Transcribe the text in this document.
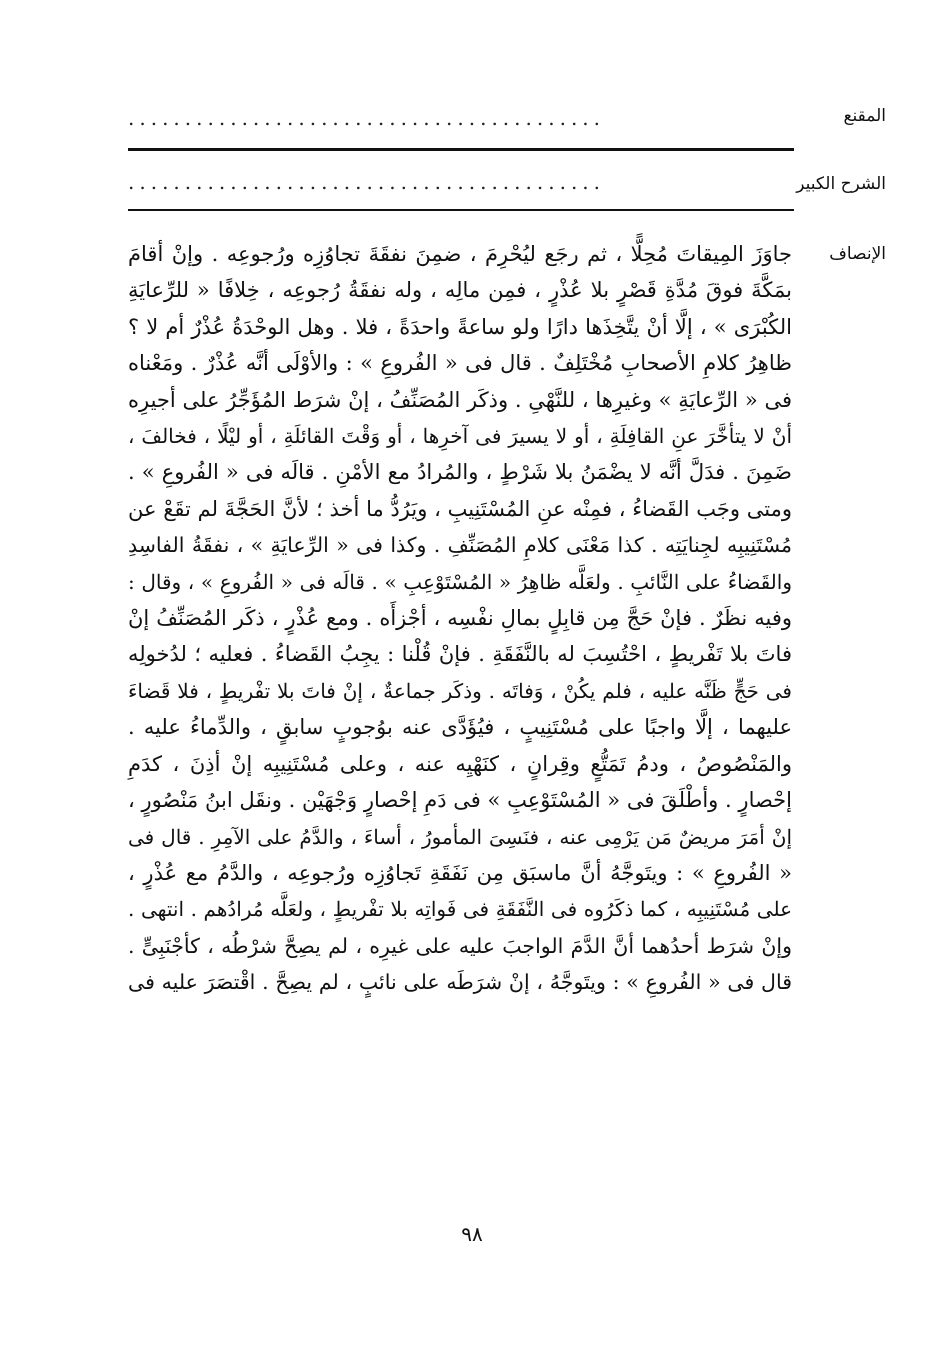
المقنع
..........................................
الشرح الكبير
..........................................
الإنصاف
جاوَزَ المِيقاتَ مُحِلًّا ، ثم رجَع ليُحْرِمَ ، ضمِنَ نفقَةَ تجاوُزِه ورُجوعِه . وإنْ أقامَ
بمَكَّةَ فوقَ مُدَّةِ قَصْرٍ بلا عُذْرٍ ، فمِن مالِه ، وله نفقَةُ رُجوعِه ، خِلافًا « للرِّعايَةِ
الكُبْرَى » ، إلَّا أنْ يتَّخِذَها دارًا ولو ساعةً واحدَةً ، فلا . وهل الوحْدَةُ عُذْرٌ أم لا ؟
ظاهِرُ كلامِ الأصحابِ مُخْتَلِفٌ . قال فى « الفُروعِ » : والأوْلَى أنَّه عُذْرٌ . ومَعْناه
فى « الرِّعايَةِ » وغيرِها ، للنَّهْىِ . وذكَر المُصَنِّفُ ، إنْ شرَط المُؤَجِّرُ على أجيرِه
أنْ لا يتأخَّرَ عنِ القافِلَةِ ، أو لا يسيرَ فى آخرِها ، أو وَقْتَ القائلَةِ ، أو ليْلًا ، فخالفَ ،
ضَمِنَ . فدَلَّ أنَّه لا يضْمَنُ بلا شَرْطٍ ، والمُرادُ مع الأمْنِ . قالَه فى « الفُروعِ » .
ومتى وجَب القَضاءُ ، فمِنْه عنِ المُسْتَنِيبِ ، ويَرُدُّ ما أخذ ؛ لأنَّ الحَجَّةَ لم تقَعْ عن
مُسْتَنِيبِه لجِنايَتِه . كذا مَعْنَى كلامِ المُصَنِّفِ . وكذا فى « الرِّعايَةِ » ، نفقَةُ الفاسِدِ
والقَضاءُ على النَّائبِ . ولعَلَّه ظاهِرُ « المُسْتَوْعِبِ » . قالَه فى « الفُروعِ » ، وقال :
وفيه نظَرٌ . فإنْ حَجَّ مِن قابِلٍ بمالِ نفْسِه ، أجْزأَه . ومع عُذْرٍ ، ذكَر المُصَنِّفُ إنْ
فاتَ بلا تَفْريطٍ ، احْتُسِبَ له بالنَّفَقَةِ . فإنْ قُلْنا : يجِبُ القَضاءُ . فعليه ؛ لدُخولِه
فى حَجٍّ ظَنَّه عليه ، فلم يكُنْ ، وَفاتَه . وذكَر جماعةٌ ، إنْ فاتَ بلا تفْريطٍ ، فلا قَضاءَ
عليهما ، إلَّا واجبًا على مُسْتَنِيبٍ ، فيُؤَدَّى عنه بوُجوبٍ سابقٍ ، والدِّماءُ عليه .
والمَنْصُوصُ ، ودمُ تَمَتُّعٍ وقِرانٍ ، كنَهْيِه عنه ، وعلى مُسْتَنِيبِه إنْ أذِنَ ، كدَمِ
إحْصارٍ . وأطْلَقَ فى « المُسْتَوْعِبِ » فى دَمِ إحْصارٍ وَجْهَيْن . ونقَل ابنُ مَنْصُورٍ ،
إنْ أمَرَ مريضٌ مَن يَرْمِى عنه ، فنَسِىَ المأمورُ ، أساءَ ، والدَّمُ على الآمِرِ . قال فى
« الفُروعِ » : ويتَوجَّهُ أنَّ ماسبَق مِن نَفَقَةِ تَجاوُزِه ورُجوعِه ، والدَّمُ مع عُذْرٍ ،
على مُسْتَنِيبِه ، كما ذكَرُوه فى النَّفَقَةِ فى فَواتِه بلا تفْريطٍ ، ولعَلَّه مُرادُهم . انتهى .
وإنْ شرَط أحدُهما أنَّ الدَّمَ الواجبَ عليه على غيرِه ، لم يصِحَّ شرْطُه ، كأجْنَبِىٍّ .
قال فى « الفُروعِ » : ويتَوجَّهُ ، إنْ شرَطَه على نائبٍ ، لم يصِحَّ . اقْتصَرَ عليه فى
٩٨
